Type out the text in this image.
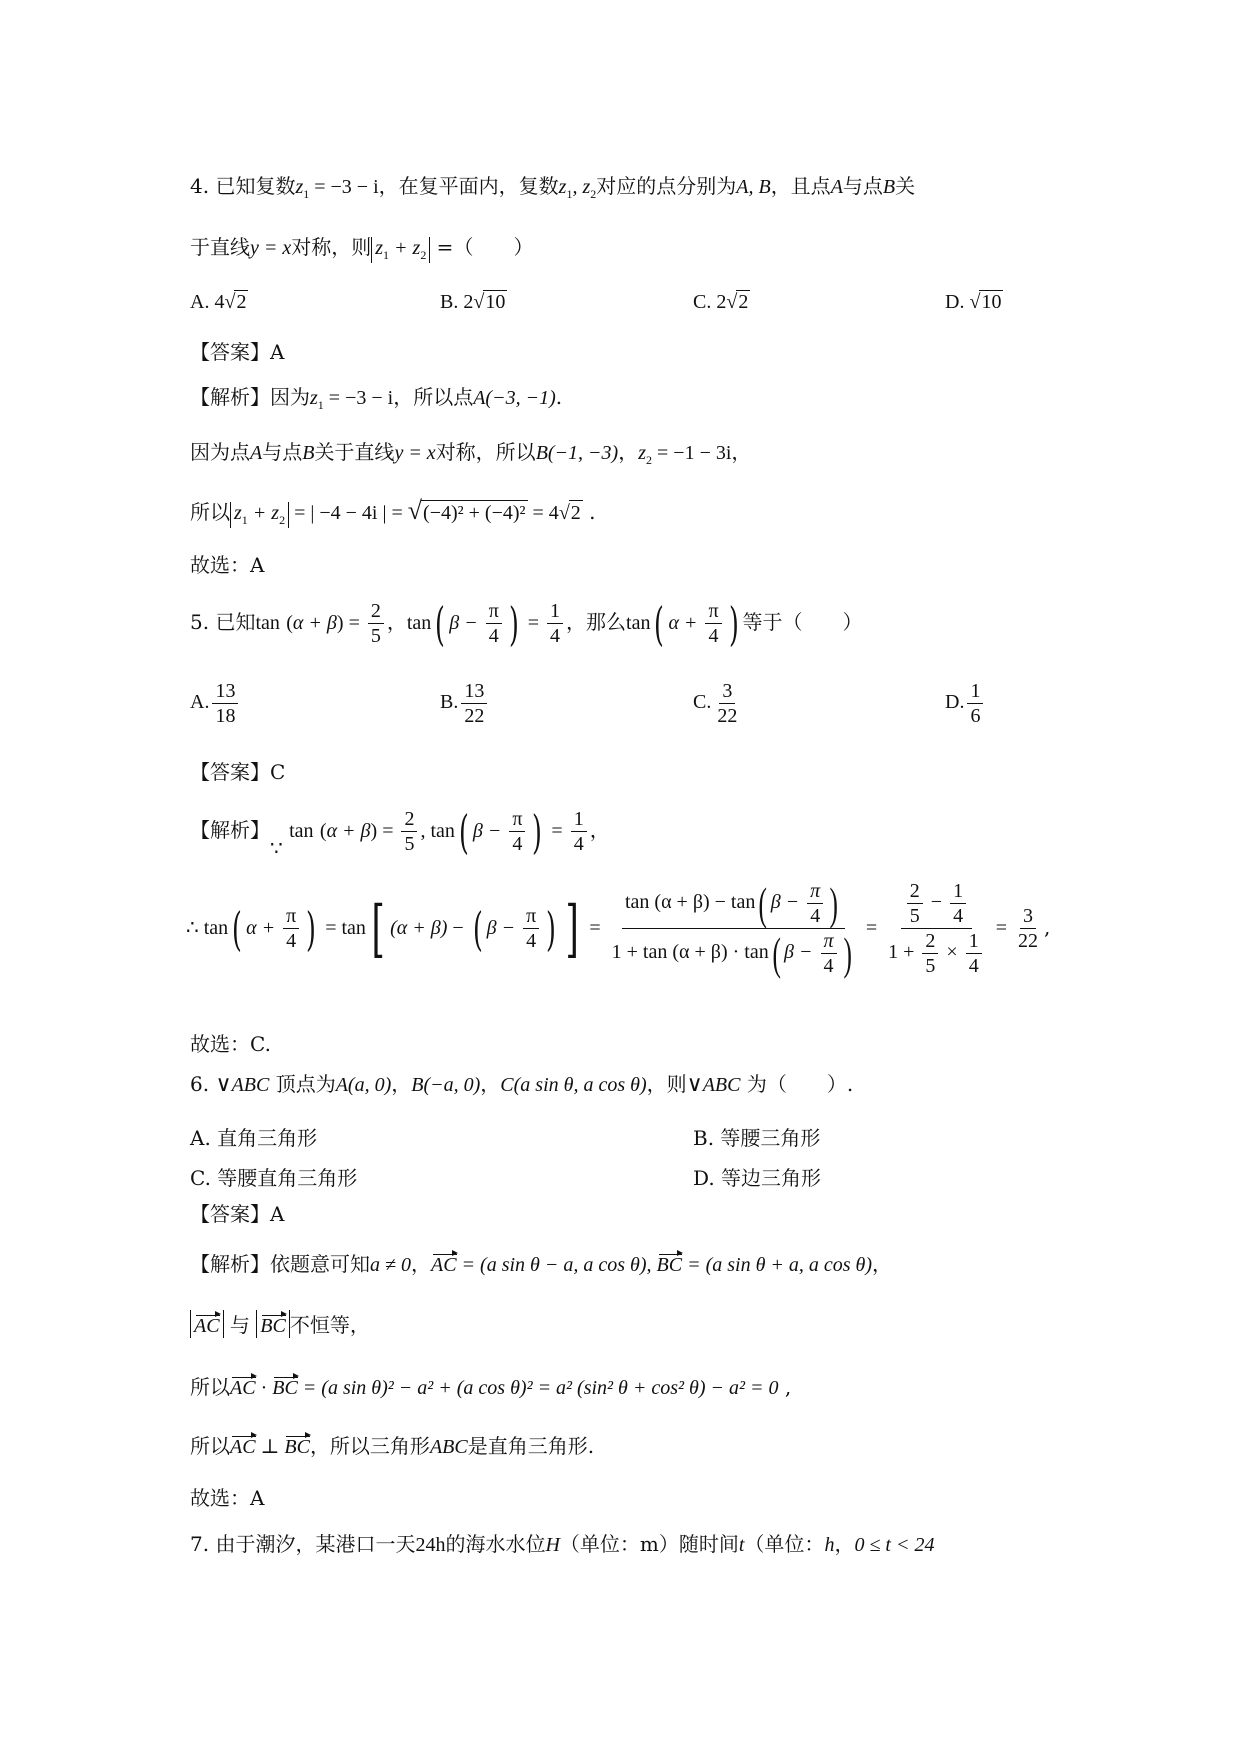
4. 已知复数$z_1 = -3 - i$，在复平面内，复数$z_1$, $z_2$对应的点分别为A, B，且点A与点B关
于直线y = x对称，则 $z_1 + z_2$ =（　　）
A. 4√2	B. 2√10	C. 2√2	D. √10
【答案】A
【解析】因为$z_1 = -3 - i$，所以点A(−3, −1).
因为点A与点B关于直线y = x对称，所以B(−1, −3)，$z_2 = -1 - 3i$，
所以 $z_1 + z_2$ = | −4 − 4i | = √(−4)² + (−4)² = 4√2 .
故选：A
5. 已知$\tan (\alpha + \beta) = \frac{2}{5}$ ，tan( $\beta - \frac{\pi}{4}$ ) = $\frac{1}{4}$ ，那么tan( $\alpha + \frac{\pi}{4}$ ) 等于（　　）
A. $\frac{13}{18}$	B. $\frac{13}{22}$	C. $\frac{3}{22}$	D. $\frac{1}{6}$
【答案】C
【解析】∵ $\tan (\alpha + \beta) = \frac{2}{5}$ , tan( $\beta - \frac{\pi}{4}$ ) = $\frac{1}{4}$ ，
∴ tan( $\alpha + \frac{\pi}{4}$ ) = tan[ (α + β) − ( $\beta - \frac{\pi}{4}$ ) ] = $\frac{\tan (\alpha + \beta) - \tan( \beta - \frac{\pi}{4} )}{1 + \tan (\alpha + \beta) \cdot \tan( \beta - \frac{\pi}{4} )} = \frac{\frac{2}{5} - \frac{1}{4}}{1 + \frac{2}{5} \times \frac{1}{4}} = \frac{3}{22}$ ,
故选：C.
6. ∨ABC 顶点为A(a, 0)，B(−a, 0)，C(a sin θ, a cos θ)，则∨ABC 为（　　）.
A. 直角三角形	B. 等腰三角形
C. 等腰直角三角形	D. 等边三角形
【答案】A
【解析】依题意可知a ≠ 0，AC = (a sin θ − a, a cos θ), BC = (a sin θ + a, a cos θ)，
AC 与 BC 不恒等，
所以AC · BC = (a sin θ)² − a² + (a cos θ)² = a² (sin² θ + cos² θ) − a² = 0 ,
所以AC ⊥ BC，所以三角形ABC是直角三角形.
故选：A
7. 由于潮汐，某港口一天24h的海水水位H（单位：m）随时间t（单位：h，0 ≤ t < 24
